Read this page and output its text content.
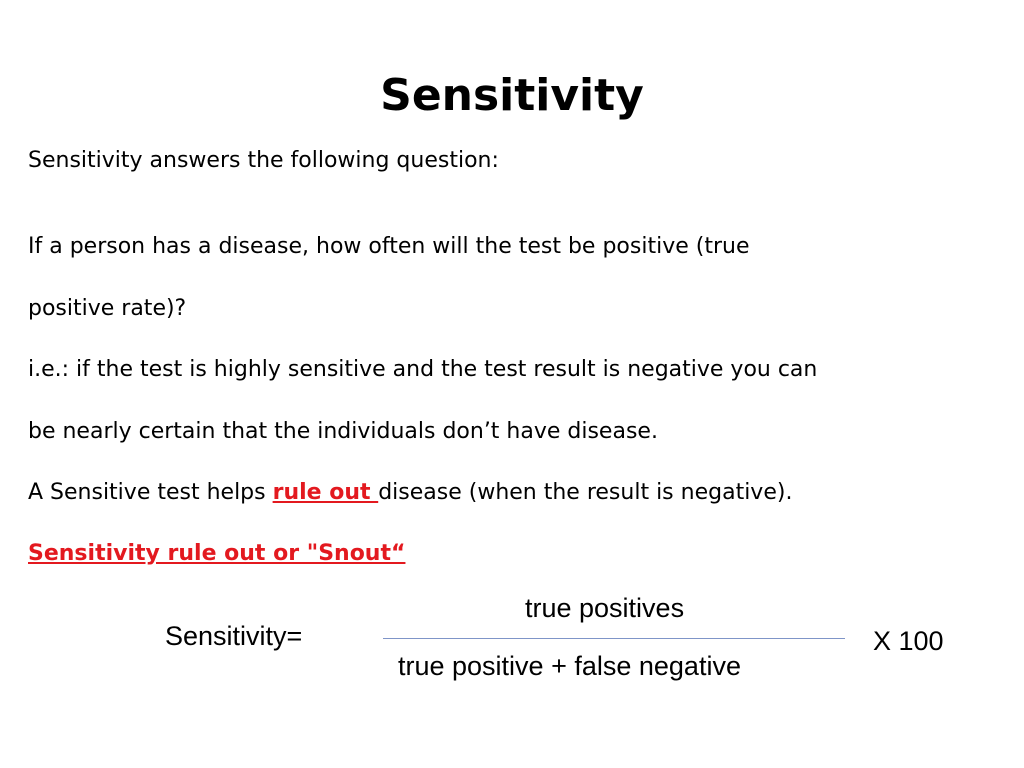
Sensitivity
Sensitivity answers the following question:
If a person has a disease, how often will the test be positive (true
positive rate)?
i.e.: if the test is highly sensitive and the test result is negative you can
be nearly certain that the individuals don’t have disease.
A Sensitive test helps rule out disease (when the result is negative).
Sensitivity rule out or "Snout“
Sensitivity=
true positives
true positive + false negative
X 100
